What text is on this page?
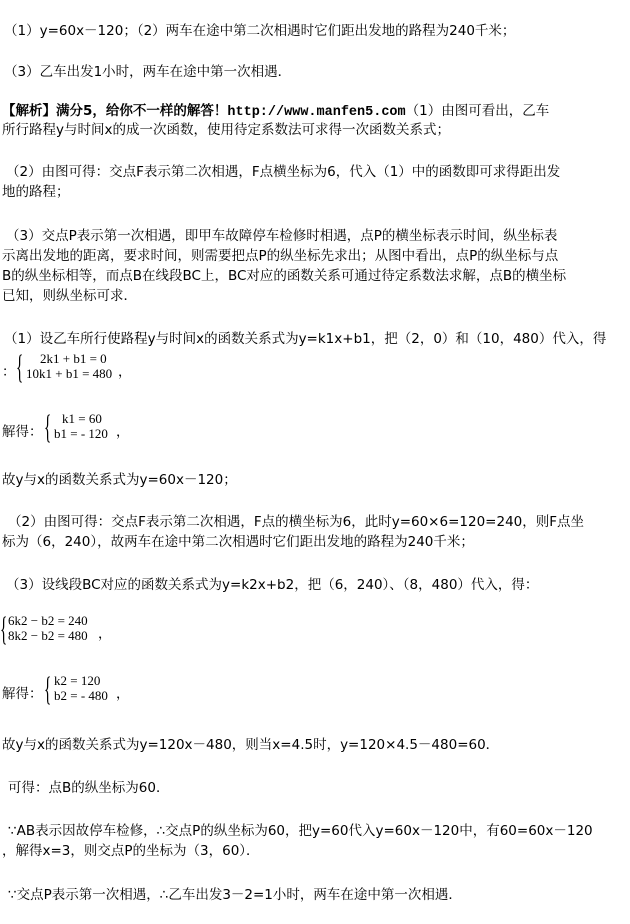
（1）y=60x－120；（2）两车在途中第二次相遇时它们距出发地的路程为240千米；
（3）乙车出发1小时，两车在途中第一次相遇．
【解析】满分5，给你不一样的解答！http://www.manfen5.com（1）由图可看出，乙车
所行路程y与时间x的成一次函数，使用待定系数法可求得一次函数关系式；
（2）由图可得：交点F表示第二次相遇，F点横坐标为6，代入（1）中的函数即可求得距出发
地的路程；
（3）交点P表示第一次相遇，即甲车故障停车检修时相遇，点P的横坐标表示时间，纵坐标表
示离出发地的距离，要求时间，则需要把点P的纵坐标先求出；从图中看出，点P的纵坐标与点
B的纵坐标相等，而点B在线段BC上，BC对应的函数关系可通过待定系数法求解，点B的横坐标
已知，则纵坐标可求．
（1）设乙车所行使路程y与时间x的函数关系式为y=k1x+b1，把（2，0）和（10，480）代入，得
： {	2k1 + b1 = 0
10k1 + b1 = 480 ，
解得： { k1 = 60
b1 = - 120 ，
故y与x的函数关系式为y=60x－120；
（2）由图可得：交点F表示第二次相遇，F点的横坐标为6，此时y=60×6=120=240，则F点坐
标为（6，240），故两车在途中第二次相遇时它们距出发地的路程为240千米；
（3）设线段BC对应的函数关系式为y=k2x+b2，把（6，240）、（8，480）代入，得：
{ 6k2 − b2 = 240
8k2 − b2 = 480 ，
解得： { k2 = 120
b2 = - 480 ，
故y与x的函数关系式为y=120x－480，则当x=4.5时，y=120×4.5－480=60．
可得：点B的纵坐标为60．
∵AB表示因故停车检修，∴交点P的纵坐标为60，把y=60代入y=60x－120中，有60=60x－120
，解得x=3，则交点P的坐标为（3，60）．
∵交点P表示第一次相遇，∴乙车出发3－2=1小时，两车在途中第一次相遇．
